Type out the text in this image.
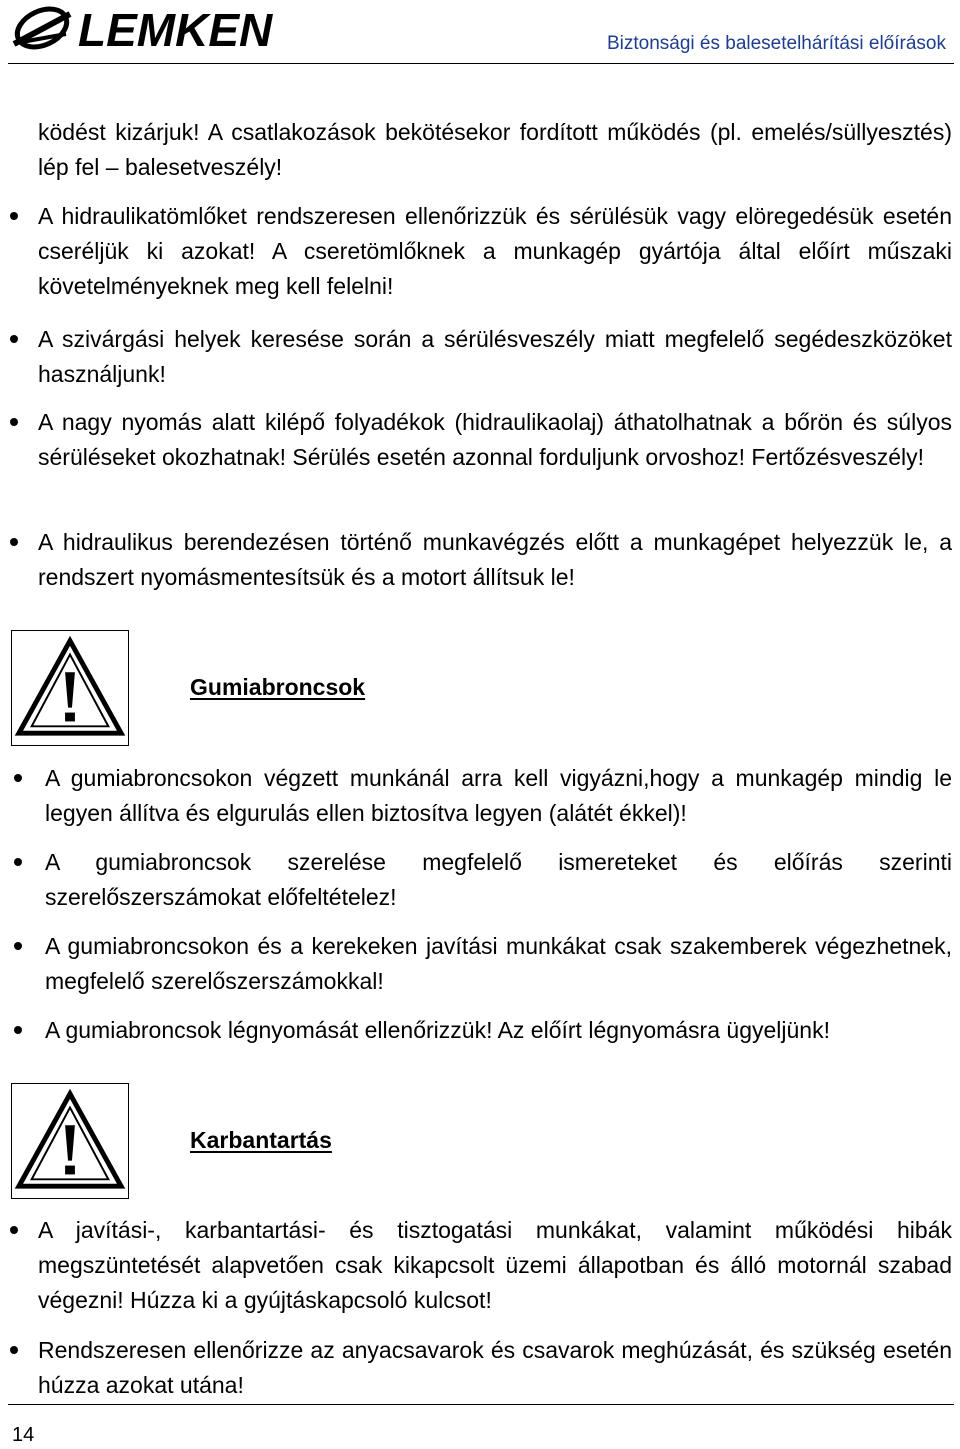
LEMKEN	Biztonsági és balesetelhárítási előírások
ködést kizárjuk! A csatlakozások bekötésekor fordított működés (pl. emelés/süllyesztés) lép fel – balesetveszély!
A hidraulikatömlőket rendszeresen ellenőrizzük és sérülésük vagy elöregedésük esetén cseréljük ki azokat! A cseretömlőknek a munkagép gyártója által előírt műszaki követelményeknek meg kell felelni!
A szivárgási helyek keresése során a sérülésveszély miatt megfelelő segédeszközöket használjunk!
A nagy nyomás alatt kilépő folyadékok (hidraulikaolaj) áthatolhatnak a bőrön és súlyos sérüléseket okozhatnak! Sérülés esetén azonnal forduljunk orvoshoz! Fertőzésveszély!
A hidraulikus berendezésen történő munkavégzés előtt a munkagépet helyezzük le, a rendszert nyomásmentesítsük és a motort állítsuk le!
Gumiabroncsok
A gumiabroncsokon végzett munkánál arra kell vigyázni,hogy a munkagép mindig le legyen állítva és elgurulás ellen biztosítva legyen (alátét ékkel)!
A gumiabroncsok szerelése megfelelő ismereteket és előírás szerinti szerelőszerszámokat előfeltételez!
A gumiabroncsokon és a kerekeken javítási munkákat csak szakemberek végezhetnek, megfelelő szerelőszerszámokkal!
A gumiabroncsok légnyomását ellenőrizzük! Az előírt légnyomásra ügyeljünk!
Karbantartás
A javítási-, karbantartási- és tisztogatási munkákat, valamint működési hibák megszüntetését alapvetően csak kikapcsolt üzemi állapotban és álló motornál szabad végezni! Húzza ki a gyújtáskapcsoló kulcsot!
Rendszeresen ellenőrizze az anyacsavarok és csavarok meghúzását, és szükség esetén húzza azokat utána!
14
